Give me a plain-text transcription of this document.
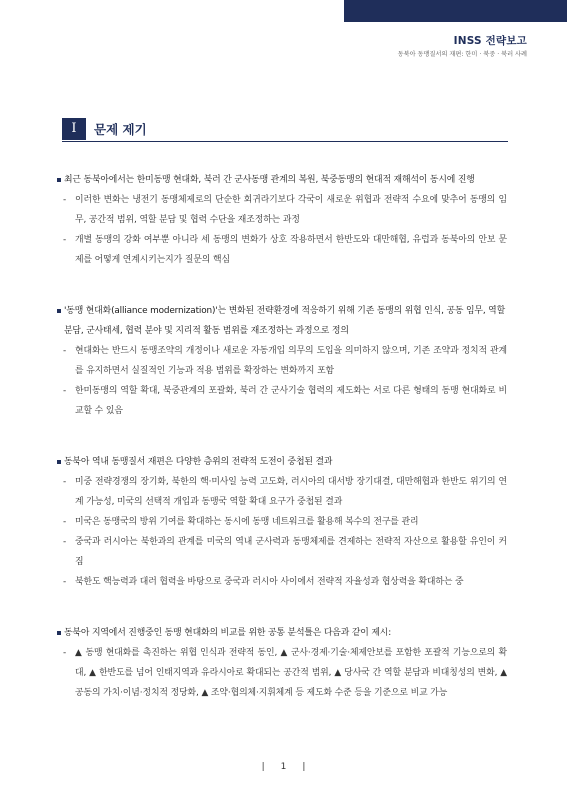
INSS 전략보고
동북아 동맹질서의 재편: 한미 · 북중 · 북러 사례
I	문제 제기
최근 동북아에서는 한미동맹 현대화, 북러 간 군사동맹 관계의 복원, 북중동맹의 현대적 재해석이 동시에 진행
- 이러한 변화는 냉전기 동맹체제로의 단순한 회귀라기보다 각국이 새로운 위협과 전략적 수요에 맞추어 동맹의 임무, 공간적 범위, 역할 분담 및 협력 수단을 재조정하는 과정
- 개별 동맹의 강화 여부뿐 아니라 세 동맹의 변화가 상호 작용하면서 한반도와 대만해협, 유럽과 동북아의 안보 문제를 어떻게 연계시키는지가 질문의 핵심
'동맹 현대화(alliance modernization)'는 변화된 전략환경에 적응하기 위해 기존 동맹의 위협 인식, 공동 임무, 역할 분담, 군사태세, 협력 분야 및 지리적 활동 범위를 재조정하는 과정으로 정의
- 현대화는 반드시 동맹조약의 개정이나 새로운 자동개입 의무의 도입을 의미하지 않으며, 기존 조약과 정치적 관계를 유지하면서 실질적인 기능과 적용 범위를 확장하는 변화까지 포함
- 한미동맹의 역할 확대, 북중관계의 포괄화, 북러 간 군사기술 협력의 제도화는 서로 다른 형태의 동맹 현대화로 비교할 수 있음
동북아 역내 동맹질서 재편은 다양한 층위의 전략적 도전이 중첩된 결과
- 미중 전략경쟁의 장기화, 북한의 핵·미사일 능력 고도화, 러시아의 대서방 장기대결, 대만해협과 한반도 위기의 연계 가능성, 미국의 선택적 개입과 동맹국 역할 확대 요구가 중첩된 결과
- 미국은 동맹국의 방위 기여를 확대하는 동시에 동맹 네트워크를 활용해 복수의 전구를 관리
- 중국과 러시아는 북한과의 관계를 미국의 역내 군사력과 동맹체제를 견제하는 전략적 자산으로 활용할 유인이 커짐
- 북한도 핵능력과 대러 협력을 바탕으로 중국과 러시아 사이에서 전략적 자율성과 협상력을 확대하는 중
동북아 지역에서 진행중인 동맹 현대화의 비교를 위한 공통 분석틀은 다음과 같이 제시:
- ▲ 동맹 현대화를 촉진하는 위협 인식과 전략적 동인, ▲ 군사·경제·기술·체제안보를 포함한 포괄적 기능으로의 확대, ▲ 한반도를 넘어 인태지역과 유라시아로 확대되는 공간적 범위, ▲ 당사국 간 역할 분담과 비대칭성의 변화, ▲ 공동의 가치·이념·정치적 정당화, ▲ 조약·협의체·지휘체계 등 제도화 수준 등을 기준으로 비교 가능
| 1 |
